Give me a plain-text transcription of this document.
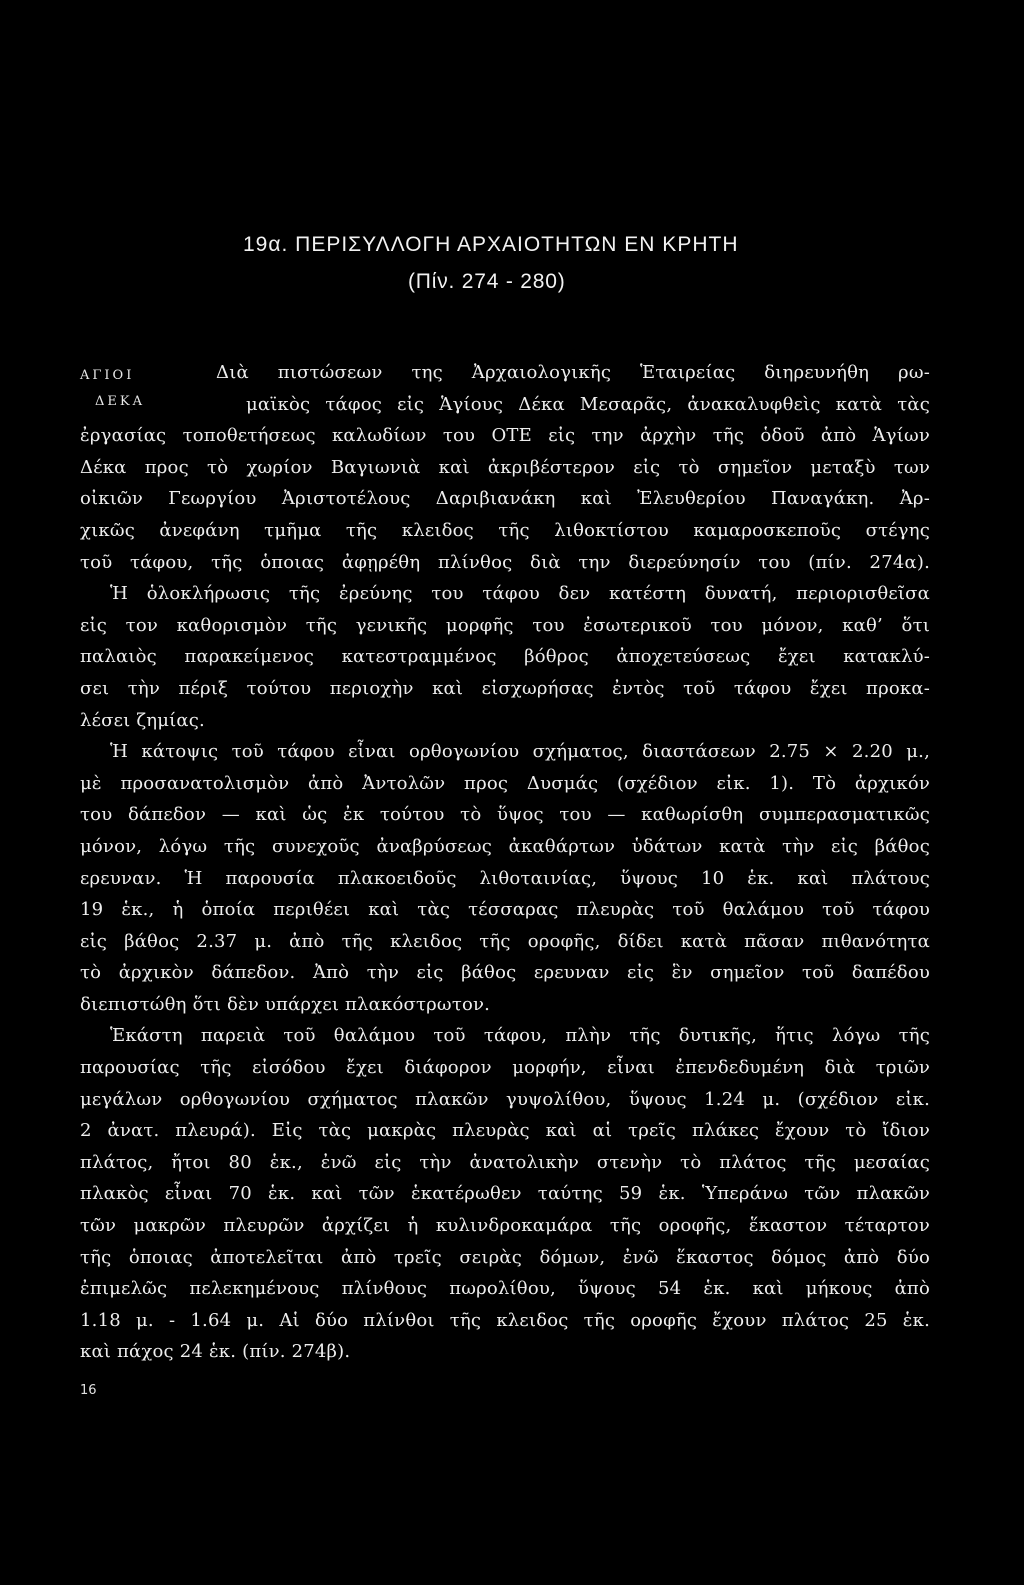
19α. ΠΕΡΙΣΥΛΛΟΓΗ ΑΡΧΑΙΟΤΗΤΩΝ ΕΝ ΚΡΗΤΗ
(Πίν. 274 - 280)
ΑΓΙΟΙ
ΔΕΚΑ
Διὰ πιστώσεων της Ἀρχαιολογικῆς Ἑταιρείας διηρευνήθη ρω-
μαϊκὸς τάφος εἰς Ἁγίους Δέκα Μεσαρᾶς, ἀνακαλυφθεὶς κατὰ τὰς
ἐργασίας τοποθετήσεως καλωδίων του ΟΤΕ εἰς την ἀρχὴν τῆς ὁδοῦ ἀπὸ Ἁγίων
Δέκα προς τὸ χωρίον Βαγιωνιὰ καὶ ἀκριβέστερον εἰς τὸ σημεῖον μεταξὺ των
οἰκιῶν Γεωργίου Ἀριστοτέλους Δαριβιανάκη καὶ Ἐλευθερίου Παναγάκη. Ἀρ-
χικῶς ἀνεφάνη τμῆμα τῆς κλειδος τῆς λιθοκτίστου καμαροσκεποῦς στέγης
τοῦ τάφου, τῆς ὁποιας ἀφῃρέθη πλίνθος διὰ την διερεύνησίν του (πίν. 274α).
Ἡ ὁλοκλήρωσις τῆς ἐρεύνης του τάφου δεν κατέστη δυνατή, περιορισθεῖσα
εἰς τον καθορισμὸν τῆς γενικῆς μορφῆς του ἐσωτερικοῦ του μόνον, καθ’ ὅτι
παλαιὸς παρακείμενος κατεστραμμένος βόθρος ἀποχετεύσεως ἔχει κατακλύ-
σει τὴν πέριξ τούτου περιοχὴν καὶ εἰσχωρήσας ἐντὸς τοῦ τάφου ἔχει προκα-
λέσει ζημίας.
Ἡ κάτοψις τοῦ τάφου εἶναι ορθογωνίου σχήματος, διαστάσεων 2.75 × 2.20 μ.,
μὲ προσανατολισμὸν ἀπὸ Ἀντολῶν προς Δυσμάς (σχέδιον εἰκ. 1). Τὸ ἀρχικόν
του δάπεδον — καὶ ὡς ἐκ τούτου τὸ ὕψος του — καθωρίσθη συμπερασματικῶς
μόνον, λόγω τῆς συνεχοῦς ἀναβρύσεως ἀκαθάρτων ὑδάτων κατὰ τὴν εἰς βάθος
ερευναν. Ἡ παρουσία πλακοειδοῦς λιθοταινίας, ὕψους 10 ἑκ. καὶ πλάτους
19 ἑκ., ἡ ὁποία περιθέει καὶ τὰς τέσσαρας πλευρὰς τοῦ θαλάμου τοῦ τάφου
εἰς βάθος 2.37 μ. ἀπὸ τῆς κλειδος τῆς οροφῆς, δίδει κατὰ πᾶσαν πιθανότητα
τὸ ἀρχικὸν δάπεδον. Ἀπὸ τὴν εἰς βάθος ερευναν εἰς ἓν σημεῖον τοῦ δαπέδου
διεπιστώθη ὅτι δὲν υπάρχει πλακόστρωτον.
Ἑκάστη παρειὰ τοῦ θαλάμου τοῦ τάφου, πλὴν τῆς δυτικῆς, ἥτις λόγω τῆς
παρουσίας τῆς εἰσόδου ἔχει διάφορον μορφήν, εἶναι ἐπενδεδυμένη διὰ τριῶν
μεγάλων ορθογωνίου σχήματος πλακῶν γυψολίθου, ὕψους 1.24 μ. (σχέδιον εἰκ.
2 ἀνατ. πλευρά). Εἰς τὰς μακρὰς πλευρὰς καὶ αἱ τρεῖς πλάκες ἔχουν τὸ ἴδιον
πλάτος, ἤτοι 80 ἑκ., ἐνῶ εἰς τὴν ἀνατολικὴν στενὴν τὸ πλάτος τῆς μεσαίας
πλακὸς εἶναι 70 ἑκ. καὶ τῶν ἑκατέρωθεν ταύτης 59 ἑκ. Ὑπεράνω τῶν πλακῶν
τῶν μακρῶν πλευρῶν ἀρχίζει ἡ κυλινδροκαμάρα τῆς οροφῆς, ἕκαστον τέταρτον
τῆς ὁποιας ἀποτελεῖται ἀπὸ τρεῖς σειρὰς δόμων, ἐνῶ ἕκαστος δόμος ἀπὸ δύο
ἐπιμελῶς πελεκημένους πλίνθους πωρολίθου, ὕψους 54 ἑκ. καὶ μήκους ἀπὸ
1.18 μ. - 1.64 μ. Αἱ δύο πλίνθοι τῆς κλειδος τῆς οροφῆς ἔχουν πλάτος 25 ἑκ.
καὶ πάχος 24 ἑκ. (πίν. 274β).
16
